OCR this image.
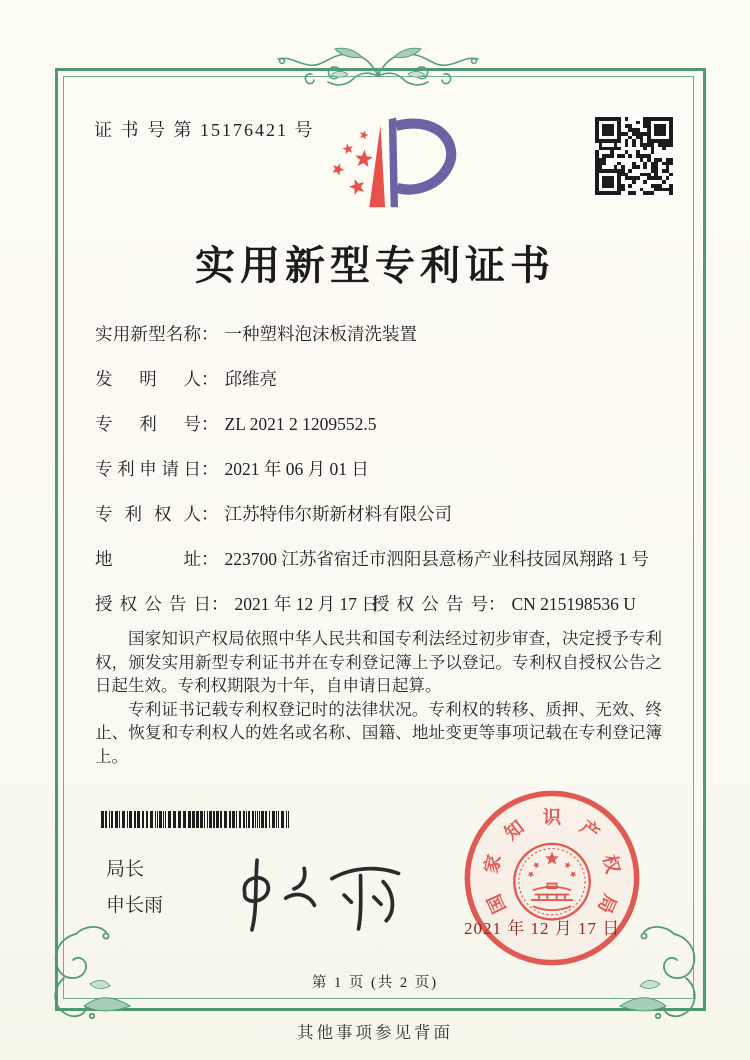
证 书 号 第 15176421 号
实用新型专利证书
实用新型名称： 一种塑料泡沫板清洗装置
发明人： 邱维亮
专利号： ZL 2021 2 1209552.5
专利申请日： 2021 年 06 月 01 日
专利权人： 江苏特伟尔斯新材料有限公司
地址： 223700 江苏省宿迁市泗阳县意杨产业科技园凤翔路 1 号
授权公告日： 2021 年 12 月 17 日
授权公告号： CN 215198536 U

国家知识产权局依照中华人民共和国专利法经过初步审查，决定授予专利权，颁发实用新型专利证书并在专利登记簿上予以登记。专利权自授权公告之日起生效。专利权期限为十年，自申请日起算。

专利证书记载专利权登记时的法律状况。专利权的转移、质押、无效、终止、恢复和专利权人的姓名或名称、国籍、地址变更等事项记载在专利登记簿上。

局长
申长雨	国
家
知 识 产
权
局
2021 年 12 月 17 日
第 1 页 (共 2 页)
其他事项参见背面
